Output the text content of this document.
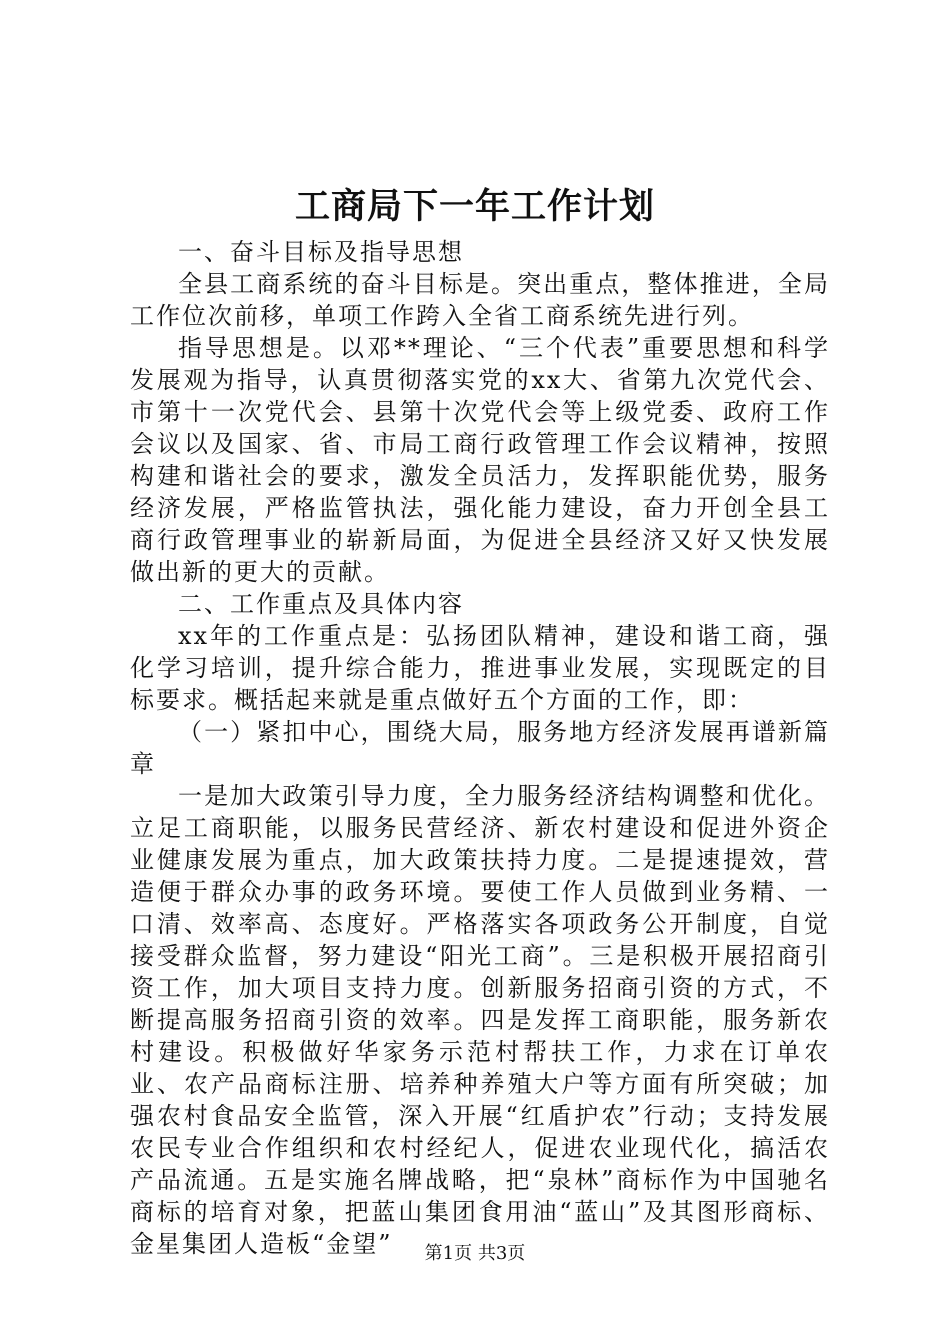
工商局下一年工作计划

一、奋斗目标及指导思想

全县工商系统的奋斗目标是。突出重点，整体推进，全局工作位次前移，单项工作跨入全省工商系统先进行列。

指导思想是。以邓**理论、“三个代表”重要思想和科学发展观为指导，认真贯彻落实党的xx大、省第九次党代会、市第十一次党代会、县第十次党代会等上级党委、政府工作会议以及国家、省、市局工商行政管理工作会议精神，按照构建和谐社会的要求，激发全员活力，发挥职能优势，服务经济发展，严格监管执法，强化能力建设，奋力开创全县工商行政管理事业的崭新局面，为促进全县经济又好又快发展做出新的更大的贡献。

二、工作重点及具体内容

xx年的工作重点是：弘扬团队精神，建设和谐工商，强化学习培训，提升综合能力，推进事业发展，实现既定的目标要求。概括起来就是重点做好五个方面的工作，即：

（一）紧扣中心，围绕大局，服务地方经济发展再谱新篇章

一是加大政策引导力度，全力服务经济结构调整和优化。立足工商职能，以服务民营经济、新农村建设和促进外资企业健康发展为重点，加大政策扶持力度。二是提速提效，营造便于群众办事的政务环境。要使工作人员做到业务精、一口清、效率高、态度好。严格落实各项政务公开制度，自觉接受群众监督，努力建设“阳光工商”。三是积极开展招商引资工作，加大项目支持力度。创新服务招商引资的方式，不断提高服务招商引资的效率。四是发挥工商职能，服务新农村建设。积极做好华家务示范村帮扶工作，力求在订单农业、农产品商标注册、培养种养殖大户等方面有所突破；加强农村食品安全监管，深入开展“红盾护农”行动；支持发展农民专业合作组织和农村经纪人，促进农业现代化，搞活农产品流通。五是实施名牌战略，把“泉林”商标作为中国驰名商标的培育对象，把蓝山集团食用油“蓝山”及其图形商标、金星集团人造板“金望”	第1页 共3页
